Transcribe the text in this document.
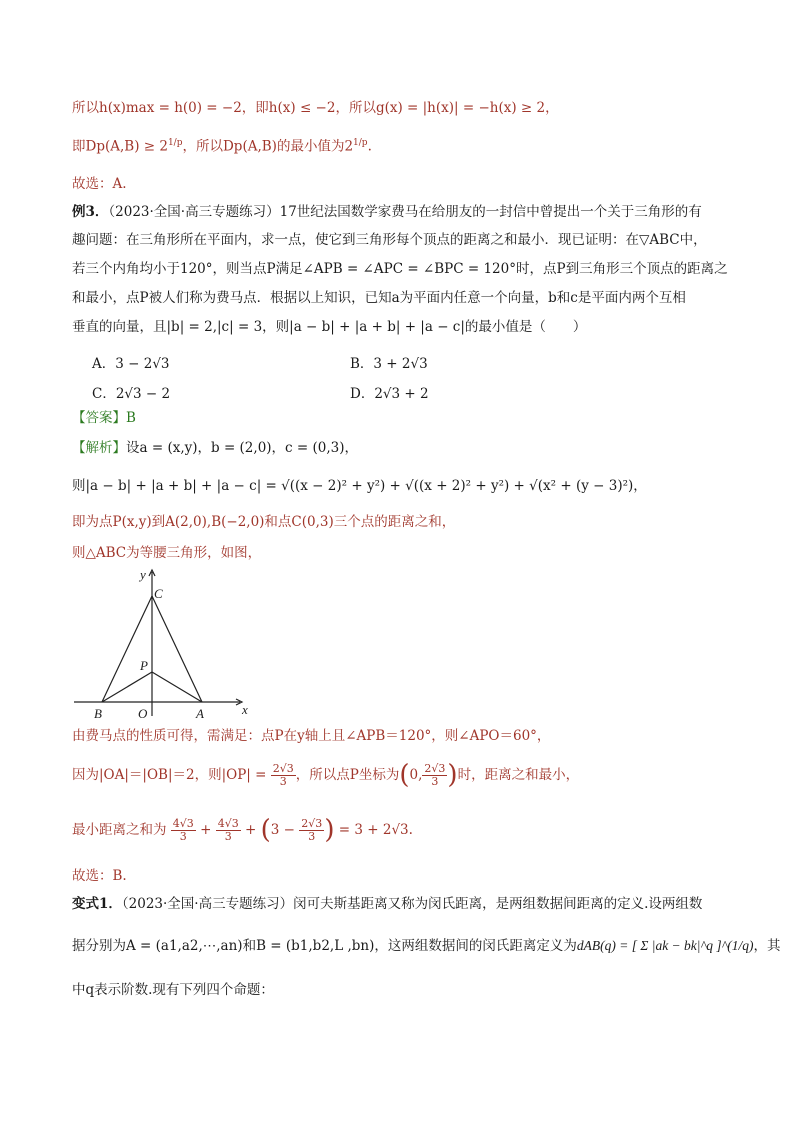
所以h(x)max = h(0) = −2，即h(x) ≤ −2，所以g(x) = |h(x)| = −h(x) ≥ 2，
即$Dp(A,B) \ge 2^{1/p}$，所以Dp(A,B)的最小值为$2^{1/p}$.
故选：A.
例3．（2023·全国·高三专题练习）17世纪法国数学家费马在给朋友的一封信中曾提出一个关于三角形的有
趣问题：在三角形所在平面内，求一点，使它到三角形每个顶点的距离之和最小．现已证明：在▽ABC中，
若三个内角均小于120°，则当点P满足∠APB = ∠APC = ∠BPC = 120°时，点P到三角形三个顶点的距离之
和最小，点P被人们称为费马点．根据以上知识，已知a为平面内任意一个向量，b和c是平面内两个互相
垂直的向量，且|b| = 2,|c| = 3，则|a − b| + |a + b| + |a − c|的最小值是（　　）
A．3 − 2√3	B．3 + 2√3
C．2√3 − 2	D．2√3 + 2
【答案】B
【解析】设a = (x,y)，b = (2,0)，c = (0,3)，
则|a − b| + |a + b| + |a − c| = √((x − 2)² + y²) + √((x + 2)² + y²) + √(x² + (y − 3)²)，
即为点P(x,y)到A(2,0),B(−2,0)和点C(0,3)三个点的距离之和，
则△ABC为等腰三角形，如图，
y
x
C
P
B	O	A
由费马点的性质可得，需满足：点P在y轴上且∠APB＝120°，则∠APO＝60°，
因为|OA|＝|OB|＝2，则$|OP| = \frac{2√3}{3}$ ，所以点P坐标为(0, $\frac{2√3}{3}$ )时，距离之和最小，
最小距离之和为 $\frac{4√3}{3} + \frac{4√3}{3} + (3 - \frac{2√3}{3}$ ) = 3 + 2√3.
故选：B.
变式1．（2023·全国·高三专题练习）闵可夫斯基距离又称为闵氏距离，是两组数据间距离的定义.设两组数
据分别为A = (a1,a2,⋯,an)和B = (b1,b2,L ,bn)，这两组数据间的闵氏距离定义为dAB(q) = [ Σ |ak − bk|^q ]^(1/q)，其
中q表示阶数.现有下列四个命题：
